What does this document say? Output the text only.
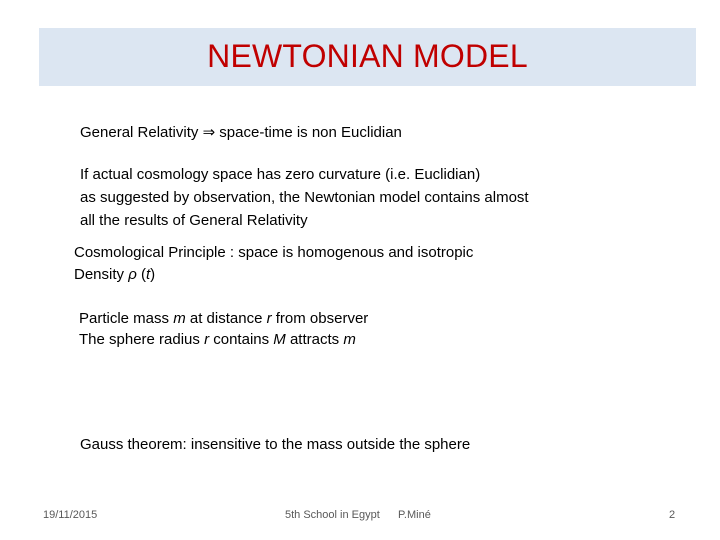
NEWTONIAN MODEL
General Relativity ⇒ space-time is non Euclidian
If actual cosmology space has zero curvature (i.e. Euclidian)
as suggested by observation, the Newtonian model contains almost
all the results of General Relativity
Cosmological Principle : space is homogenous and isotropic
Density ρ (t)
Particle mass m at distance r from observer
The sphere radius r contains M attracts m
Gauss theorem: insensitive to the mass outside the sphere
19/11/2015	5th School in Egypt P.Miné	2
